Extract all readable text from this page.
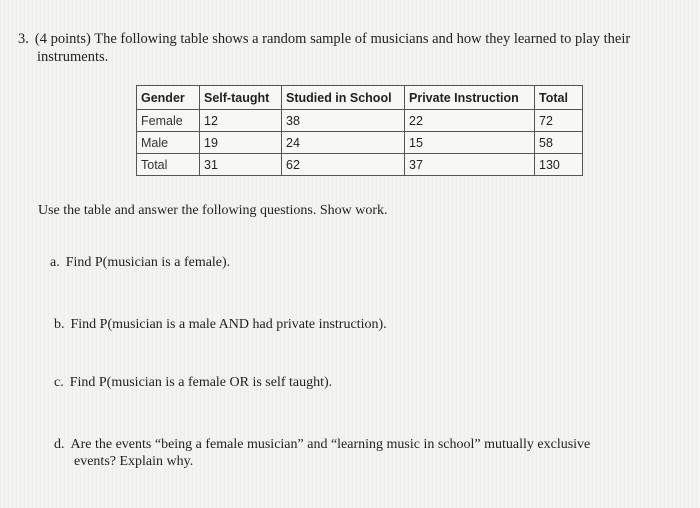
3. (4 points) The following table shows a random sample of musicians and how they learned to play their
instruments.
Gender	Self-taught	Studied in School	Private Instruction	Total
Female	12	38	22	72
Male	19	24	15	58
Total	31	62	37	130
Use the table and answer the following questions. Show work.
a. Find P(musician is a female).
b. Find P(musician is a male AND had private instruction).
c. Find P(musician is a female OR is self taught).
d. Are the events “being a female musician” and “learning music in school” mutually exclusive
events? Explain why.
